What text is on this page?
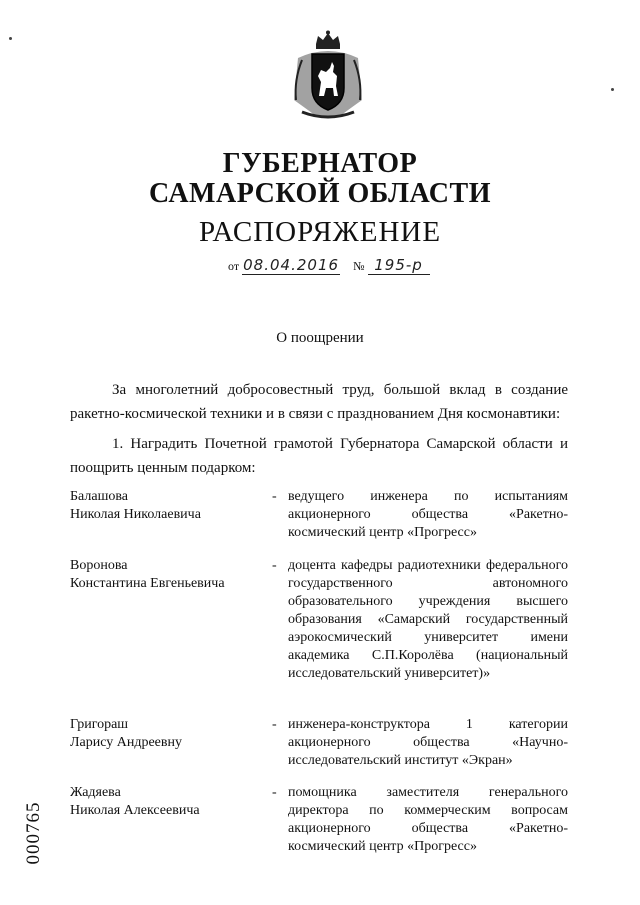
ГУБЕРНАТОР
САМАРСКОЙ ОБЛАСТИ
РАСПОРЯЖЕНИЕ
от 08.04.2016 № 195-р
О поощрении
За многолетний добросовестный труд, большой вклад в создание ракетно-космической техники и в связи с празднованием Дня космонавтики:
1. Наградить Почетной грамотой Губернатора Самарской области и поощрить ценным подарком:
Балашова
Николая Николаевича
- ведущего инженера по испытаниям акционерного общества «Ракетно-космический центр «Прогресс»
Воронова
Константина Евгеньевича
- доцента кафедры радиотехники федерального государственного автономного образовательного учреждения высшего образования «Самарский государственный аэрокосмический университет имени академика С.П.Королёва (национальный исследовательский университет)»
Григораш
Ларису Андреевну
- инженера-конструктора 1 категории акционерного общества «Научно-исследовательский институт «Экран»
Жадяева
Николая Алексеевича
- помощника заместителя генерального директора по коммерческим вопросам акционерного общества «Ракетно-космический центр «Прогресс»
000765
